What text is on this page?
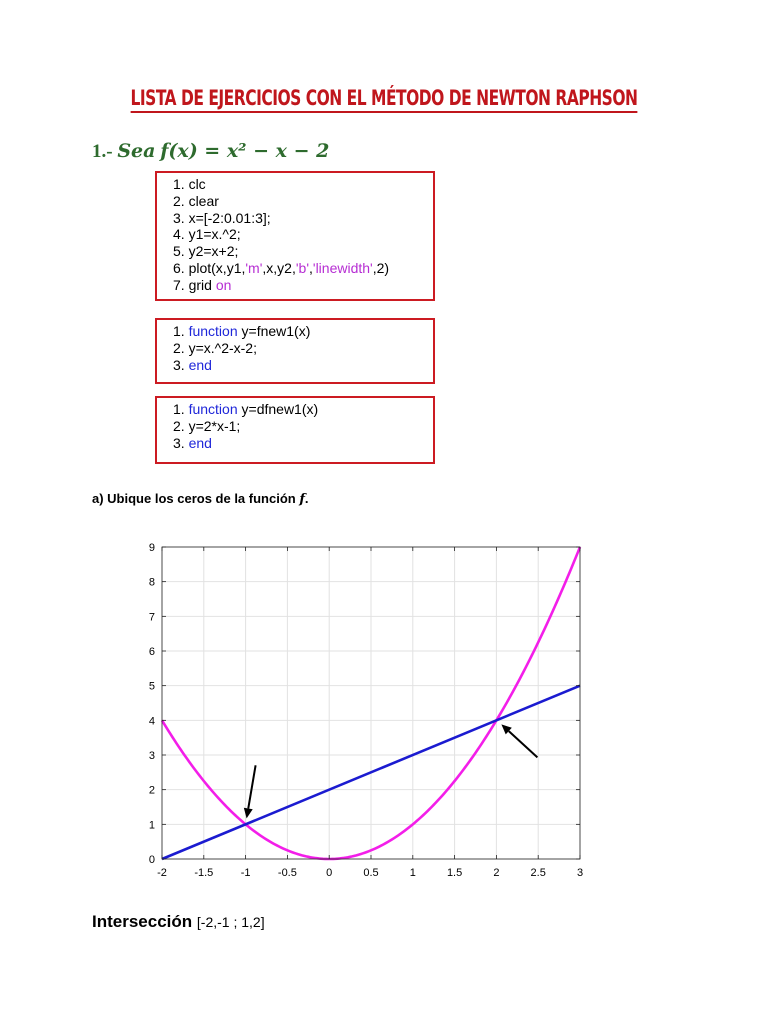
LISTA DE EJERCICIOS CON EL MÉTODO DE NEWTON RAPHSON
1.- Sea f(x) = x² − x − 2
1. clc
2. clear
3. x=[-2:0.01:3];
4. y1=x.^2;
5. y2=x+2;
6. plot(x,y1,'m',x,y2,'b','linewidth',2)
7. grid on
1. function y=fnew1(x)
2. y=x.^2-x-2;
3. end
1. function y=dfnew1(x)
2. y=2*x-1;
3. end
a) Ubique los ceros de la función f.
-2 -1.5 -1 -0.5	0	0.5	1	1.5	2	2.5	3
0
1
2
3
4
5
6
7
8
9
Intersección [-2,-1 ; 1,2]
